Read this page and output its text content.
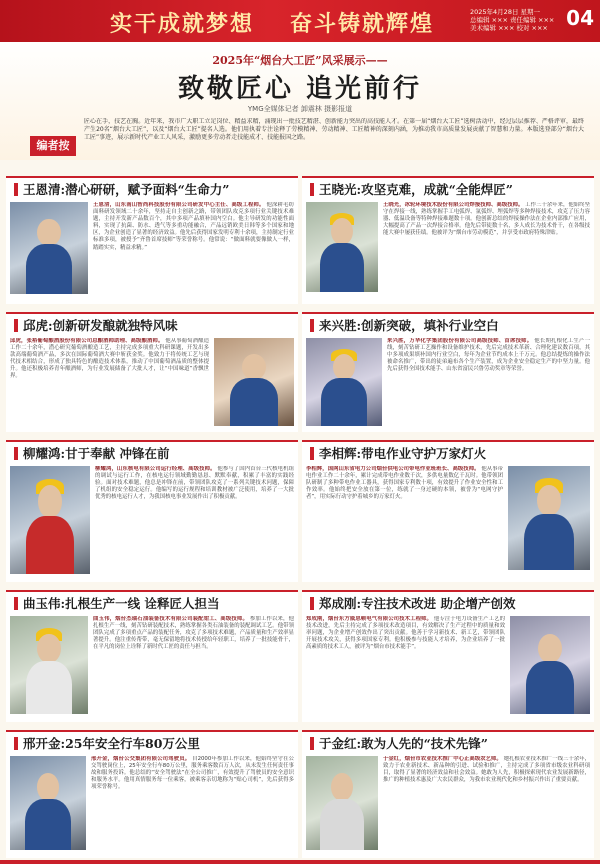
实干成就梦想 奋斗铸就辉煌	2025年4月28日 星期一
总编辑 ××× 责任编辑 ×××
美术编辑 ××× 校对 ××× 04
2025年“烟台大工匠”风采展示——
致敬匠心 追光前行
YMG全媒体记者 卸震林 摄影报道
编者按
匠心在手，技艺在胸。近年来，我市广大职工立足岗位、精益求精，涌现出一批技艺精湛、创新能力突出的高技能人才。在第一届“烟台大工匠”选树活动中，经过层层推荐、严格评审，最终产生20名“烟台大工匠”，以及“烟台大工匠”提名人选。他们用执着专注诠释了劳模精神、劳动精神、工匠精神的深刻内涵，为推动我市高质量发展贡献了智慧和力量。本版选登部分“烟台大工匠”事迹，展示新时代产业工人风采，激励更多劳动者走技能成才、技能报国之路。
王恩清:潜心研研，赋予面料“生命力”
王恩清，山东南山智尚科技股份有限公司研发中心主任、高级工程师。 他深耕毛纺面料研发领域二十余年，坚持走自主创新之路，带领团队攻克多项行业关键技术难题，主持开发新产品数百个，其中多项产品填补国内空白。他主导研发的功能性面料，实现了抗菌、防水、透气等多重功能融合，产品远销欧美日韩等多个国家和地区，为企业创造了显著的经济效益。他先后获得国家发明专利十余项，主持制定行业标准多项，被授予“齐鲁首席技师”等荣誉称号。他常说：“做面料就要像做人一样，踏踏实实，精益求精。”
王晓光:攻坚克难，成就“全能焊匠”
王晓光，冰轮环境技术股份有限公司焊接技师、高级技师。 工作三十余年来，他始终坚守在焊接一线，熟练掌握手工电弧焊、氩弧焊、埋弧焊等多种焊接技术，攻克了压力容器、低温设备等特种焊接难题数十项。他创新总结的焊接操作法在企业内部推广应用，大幅提高了产品一次焊接合格率。他先后带徒数十名，多人成长为技术骨干，在各级技能大赛中屡获佳绩。他被评为“烟台市劳动模范”，并享受市政府特殊津贴。
邱虎:创新研发酿就独特风味
邱虎，张裕葡萄酿酒股份有限公司总酿酒师助理、高级酿酒师。 他从事葡萄酒酿造工作二十余年，潜心研究葡萄酒酿造工艺，主持完成多项重大科研课题，开发出多款高端葡萄酒产品，多次在国际葡萄酒大赛中斩获金奖。他致力于将传统工艺与现代技术相结合，形成了独具特色的酿造技术体系，推动了中国葡萄酒品质的整体提升。他还积极培养青年酿酒师，为行业发展储备了大批人才，让“中国味道”香飘世界。
来兴胜:创新突破，填补行业空白
来兴胜，万华化学集团股份有限公司高级技师、首席技师。 他长期扎根化工生产一线，刻苦钻研工艺操作和设备维护技术，先后完成技术革新、合理化建议数百项，其中多项成果填补国内行业空白，每年为企业节约成本上千万元。他总结提炼的操作法被命名推广，带出的徒弟遍布各个生产装置，成为企业安全稳定生产的中坚力量。他先后获得全国技术能手、山东省富民兴鲁劳动奖章等荣誉。
柳耀鸿:甘于奉献 冲锋在前
柳耀鸿，山东核电有限公司运行经理、高级技师。 他参与了国内首台三代核电机组的调试与运行工作，在核电运行领域勤勤恳恳、默默奉献，积累了丰富的实践经验。面对技术难题，他总是冲锋在前，带领团队攻克了一系列关键技术问题，保障了机组的安全稳定运行。他编写的运行规程和培训教材被广泛使用，培养了一大批优秀的核电运行人才，为我国核电事业发展作出了积极贡献。
李相辉:带电作业守护万家灯火
李相辉，国网山东省电力公司烟台供电公司带电作业班班长、高级技师。 他从事带电作业工作二十余年，累计完成带电作业数千次，多供电量数亿千瓦时。他带领团队研制了多种带电作业工器具，获得国家专利数十项，有效提升了作业安全性和工作效率。他始终把安全放在第一位，练就了一身过硬的本领，被誉为“电网守护者”，用实际行动守护着城乡的万家灯火。
曲玉伟:扎根生产一线 诠释匠人担当
曲玉伟，烟台杰瑞石油装备技术有限公司装配钳工、高级技师。 参加工作以来，他扎根生产一线，刻苦钻研装配技术，熟练掌握各类石油装备的装配调试工艺。他带领团队完成了多项重点产品的装配任务，攻克了多项技术难题，产品质量和生产效率显著提升。他注重传帮带，毫无保留地将技术传授给年轻职工，培养了一批技能骨干，在平凡的岗位上诠释了新时代工匠的责任与担当。
郑成刚:专注技术改进 助企增产创效
郑成刚，烟台东方威思顿电气有限公司技术工程师。 他专注于电力设备生产工艺的技术改进，先后主持完成了多项技术改造项目，有效解决了生产过程中的质量和效率问题，为企业增产创效作出了突出贡献。他善于学习新技术、新工艺，带领团队开展技术攻关，获得多项国家专利。他积极参与技能人才培养，为企业培养了一批高素质的技术工人，被评为“烟台市技术能手”。
邢开金:25年安全行车80万公里
邢开金，烟台公交集团有限公司驾驶员。 自2000年参加工作以来，他始终坚守在公交驾驶岗位上，25年安全行车80万公里，服务乘客数百万人次，从未发生任何责任事故和服务投诉。他总结的“安全驾驶法”在全公司推广，有效提升了驾驶员的安全意识和服务水平。他用真情服务每一位乘客，被乘客亲切地称为“贴心司机”，先后获得多项荣誉称号。
于金红:敢为人先的“技术先锋”
于金红，烟台市农业技术推广中心正高级农艺师。 她扎根农业技术推广一线三十余年，致力于农业新技术、新品种的引进、试验和推广，主持完成了多项省市级农业科研项目，取得了显著的经济效益和社会效益。她敢为人先，积极探索现代农业发展新路径，推广的种植技术惠及广大农民群众，为我市农业现代化和乡村振兴作出了重要贡献。
